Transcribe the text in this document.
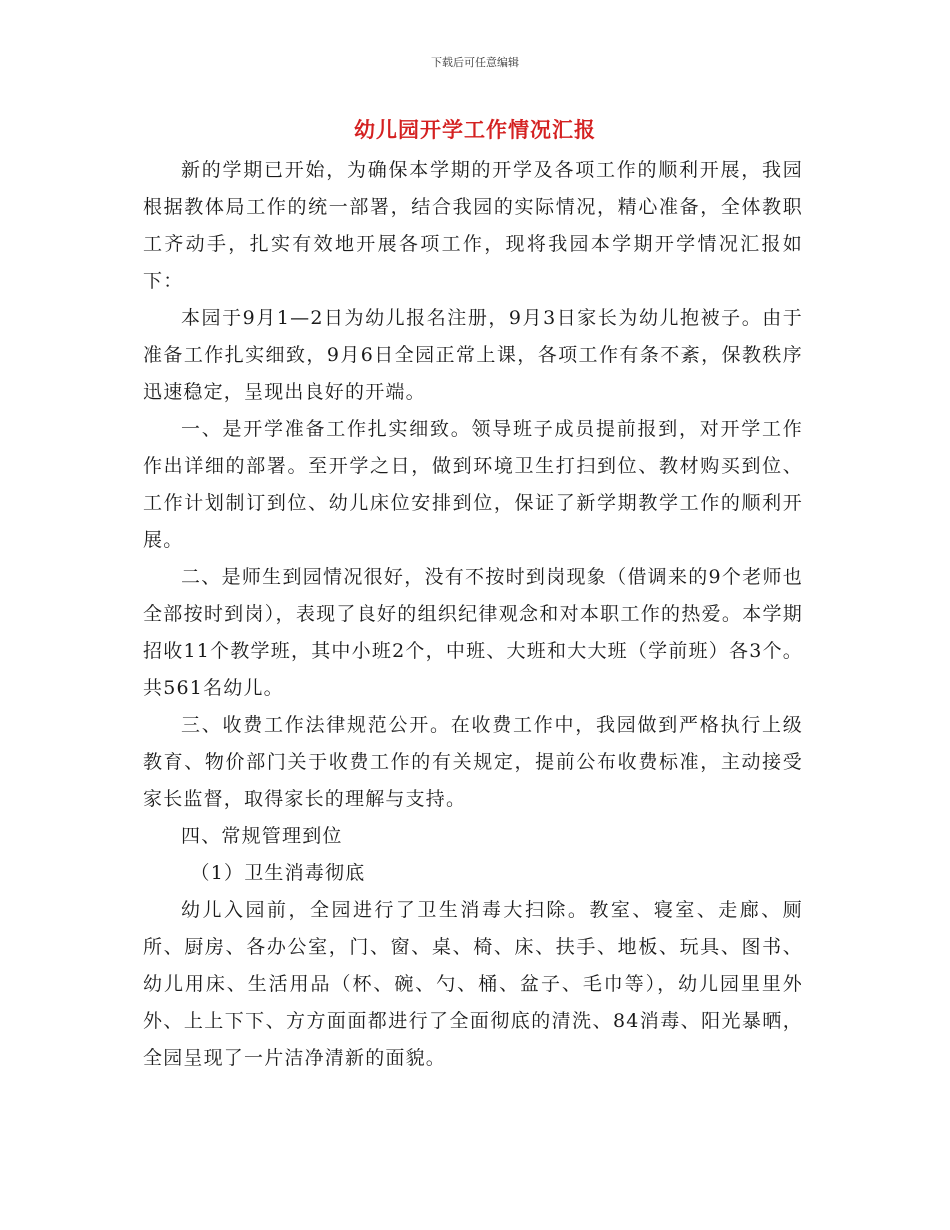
下载后可任意编辑
幼儿园开学工作情况汇报

新的学期已开始，为确保本学期的开学及各项工作的顺利开展，我园根据教体局工作的统一部署，结合我园的实际情况，精心准备，全体教职工齐动手，扎实有效地开展各项工作，现将我园本学期开学情况汇报如下：

本园于9月1—2日为幼儿报名注册，9月3日家长为幼儿抱被子。由于准备工作扎实细致，9月6日全园正常上课，各项工作有条不紊，保教秩序迅速稳定，呈现出良好的开端。

一、是开学准备工作扎实细致。领导班子成员提前报到，对开学工作作出详细的部署。至开学之日，做到环境卫生打扫到位、教材购买到位、工作计划制订到位、幼儿床位安排到位，保证了新学期教学工作的顺利开展。

二、是师生到园情况很好，没有不按时到岗现象（借调来的9个老师也全部按时到岗），表现了良好的组织纪律观念和对本职工作的热爱。本学期招收11个教学班，其中小班2个，中班、大班和大大班（学前班）各3个。共561名幼儿。

三、收费工作法律规范公开。在收费工作中，我园做到严格执行上级教育、物价部门关于收费工作的有关规定，提前公布收费标准，主动接受家长监督，取得家长的理解与支持。

四、常规管理到位

（1）卫生消毒彻底

幼儿入园前，全园进行了卫生消毒大扫除。教室、寝室、走廊、厕所、厨房、各办公室，门、窗、桌、椅、床、扶手、地板、玩具、图书、幼儿用床、生活用品（杯、碗、勺、桶、盆子、毛巾等），幼儿园里里外外、上上下下、方方面面都进行了全面彻底的清洗、84消毒、阳光暴晒，全园呈现了一片洁净清新的面貌。
